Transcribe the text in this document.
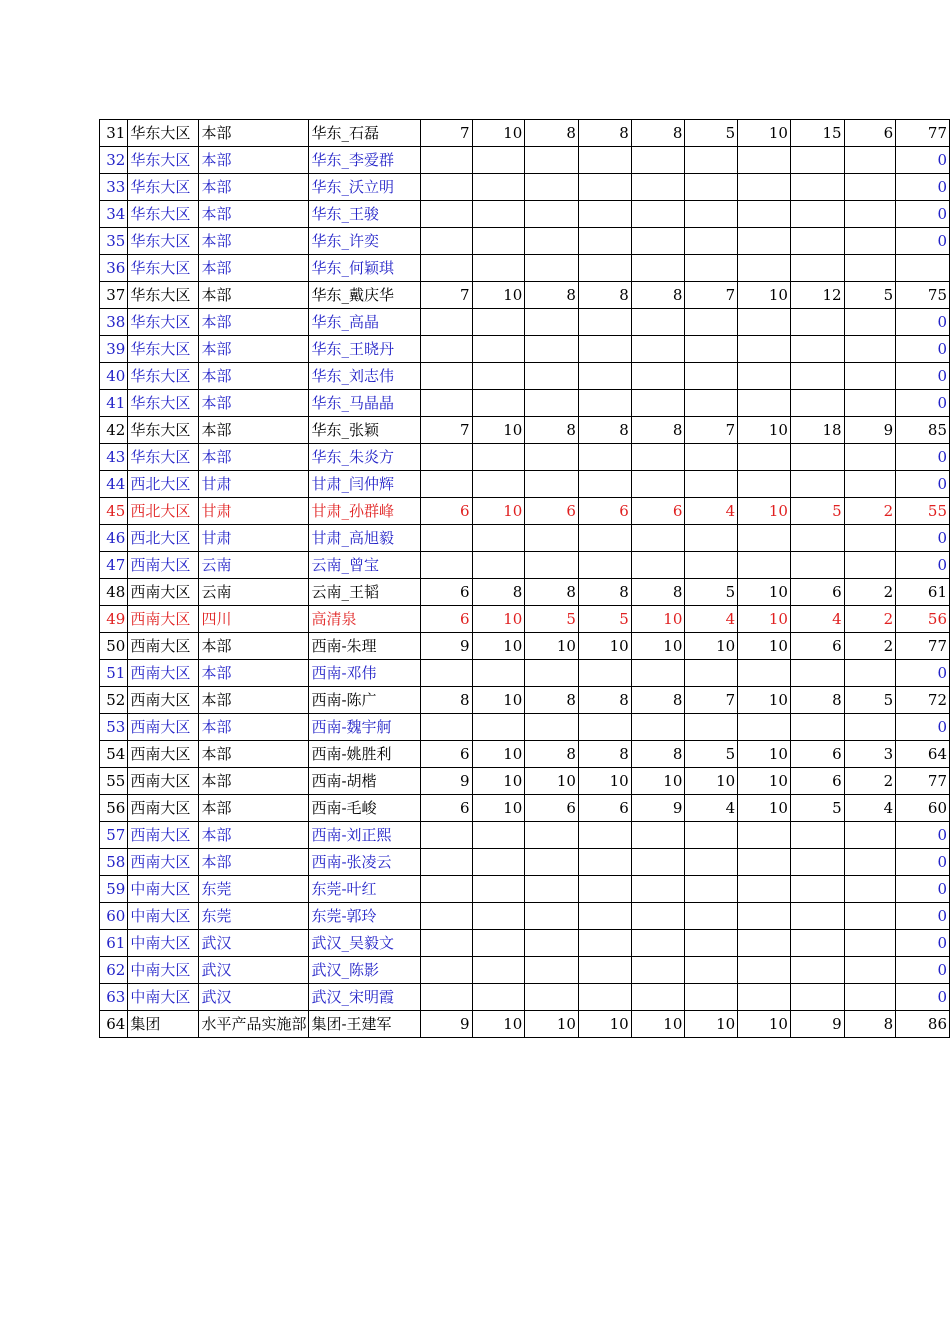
31	华东大区	本部	华东_石磊	7	10	8	8	8	5	10	15	6	77
32	华东大区	本部	华东_李爱群										0
33	华东大区	本部	华东_沃立明										0
34	华东大区	本部	华东_王骏										0
35	华东大区	本部	华东_许奕										0
36	华东大区	本部	华东_何颖琪										
37	华东大区	本部	华东_戴庆华	7	10	8	8	8	7	10	12	5	75
38	华东大区	本部	华东_高晶										0
39	华东大区	本部	华东_王晓丹										0
40	华东大区	本部	华东_刘志伟										0
41	华东大区	本部	华东_马晶晶										0
42	华东大区	本部	华东_张颖	7	10	8	8	8	7	10	18	9	85
43	华东大区	本部	华东_朱炎方										0
44	西北大区	甘肃	甘肃_闫仲辉										0
45	西北大区	甘肃	甘肃_孙群峰	6	10	6	6	6	4	10	5	2	55
46	西北大区	甘肃	甘肃_高旭毅										0
47	西南大区	云南	云南_曾宝										0
48	西南大区	云南	云南_王韬	6	8	8	8	8	5	10	6	2	61
49	西南大区	四川	高清泉	6	10	5	5	10	4	10	4	2	56
50	西南大区	本部	西南-朱理	9	10	10	10	10	10	10	6	2	77
51	西南大区	本部	西南-邓伟										0
52	西南大区	本部	西南-陈广	8	10	8	8	8	7	10	8	5	72
53	西南大区	本部	西南-魏宇舸										0
54	西南大区	本部	西南-姚胜利	6	10	8	8	8	5	10	6	3	64
55	西南大区	本部	西南-胡楷	9	10	10	10	10	10	10	6	2	77
56	西南大区	本部	西南-毛峻	6	10	6	6	9	4	10	5	4	60
57	西南大区	本部	西南-刘正熙										0
58	西南大区	本部	西南-张凌云										0
59	中南大区	东莞	东莞-叶红										0
60	中南大区	东莞	东莞-郭玲										0
61	中南大区	武汉	武汉_吴毅文										0
62	中南大区	武汉	武汉_陈影										0
63	中南大区	武汉	武汉_宋明霞										0
64	集团	水平产品实施部	集团-王建军	9	10	10	10	10	10	10	9	8	86
